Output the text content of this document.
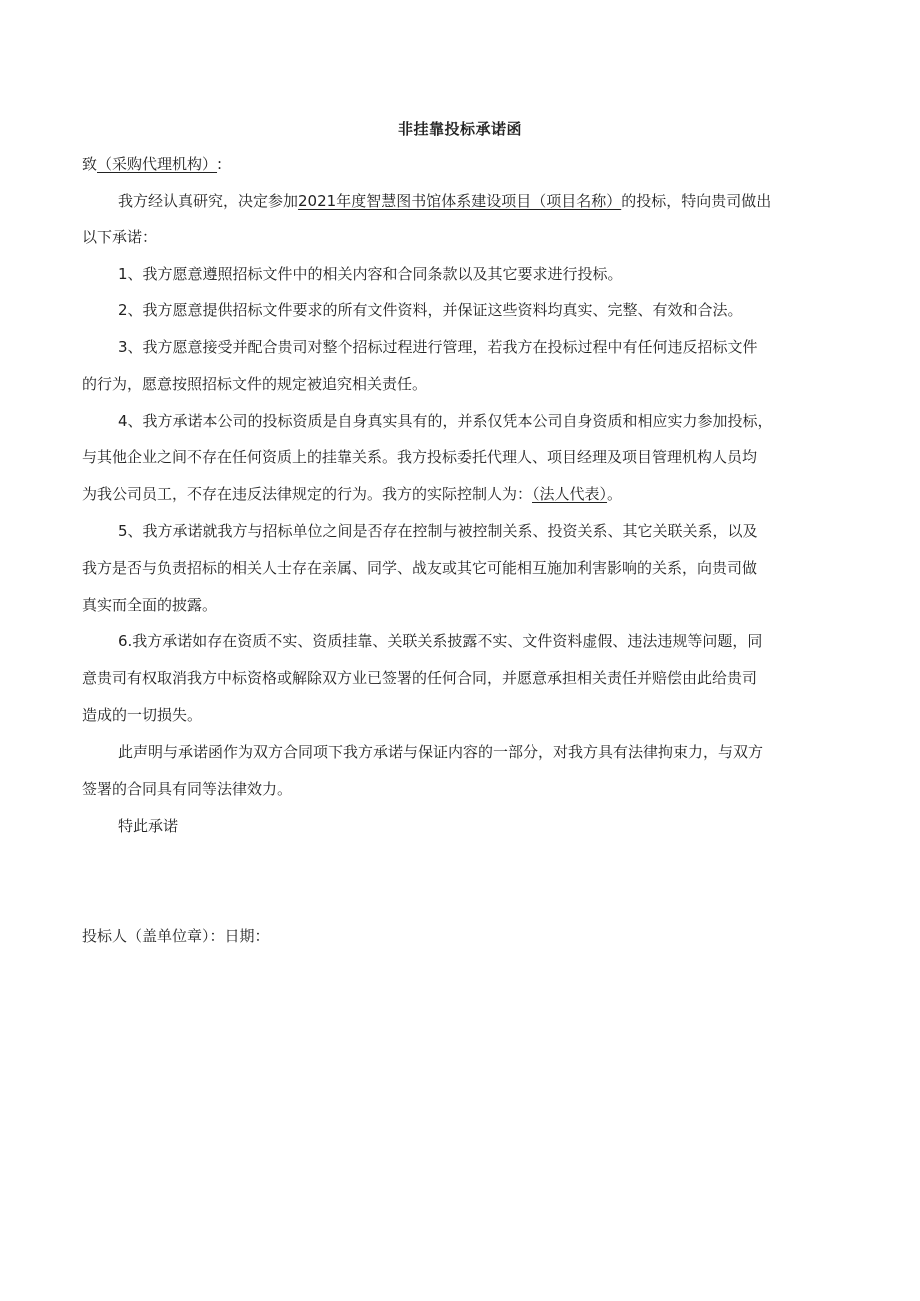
非挂靠投标承诺函
致（采购代理机构）:
我方经认真研究，决定参加2021年度智慧图书馆体系建设项目（项目名称）的投标，特向贵司做出
以下承诺：
1、我方愿意遵照招标文件中的相关内容和合同条款以及其它要求进行投标。
2、我方愿意提供招标文件要求的所有文件资料，并保证这些资料均真实、完整、有效和合法。
3、我方愿意接受并配合贵司对整个招标过程进行管理，若我方在投标过程中有任何违反招标文件
的行为，愿意按照招标文件的规定被追究相关责任。
4、我方承诺本公司的投标资质是自身真实具有的，并系仅凭本公司自身资质和相应实力参加投标，
与其他企业之间不存在任何资质上的挂靠关系。我方投标委托代理人、项目经理及项目管理机构人员均
为我公司员工，不存在违反法律规定的行为。我方的实际控制人为：（法人代表）。
5、我方承诺就我方与招标单位之间是否存在控制与被控制关系、投资关系、其它关联关系，以及
我方是否与负责招标的相关人士存在亲属、同学、战友或其它可能相互施加利害影响的关系，向贵司做
真实而全面的披露。
6.我方承诺如存在资质不实、资质挂靠、关联关系披露不实、文件资料虚假、违法违规等问题，同
意贵司有权取消我方中标资格或解除双方业已签署的任何合同，并愿意承担相关责任并赔偿由此给贵司
造成的一切损失。
此声明与承诺函作为双方合同项下我方承诺与保证内容的一部分，对我方具有法律拘束力，与双方
签署的合同具有同等法律效力。
特此承诺
投标人（盖单位章）：日期：
